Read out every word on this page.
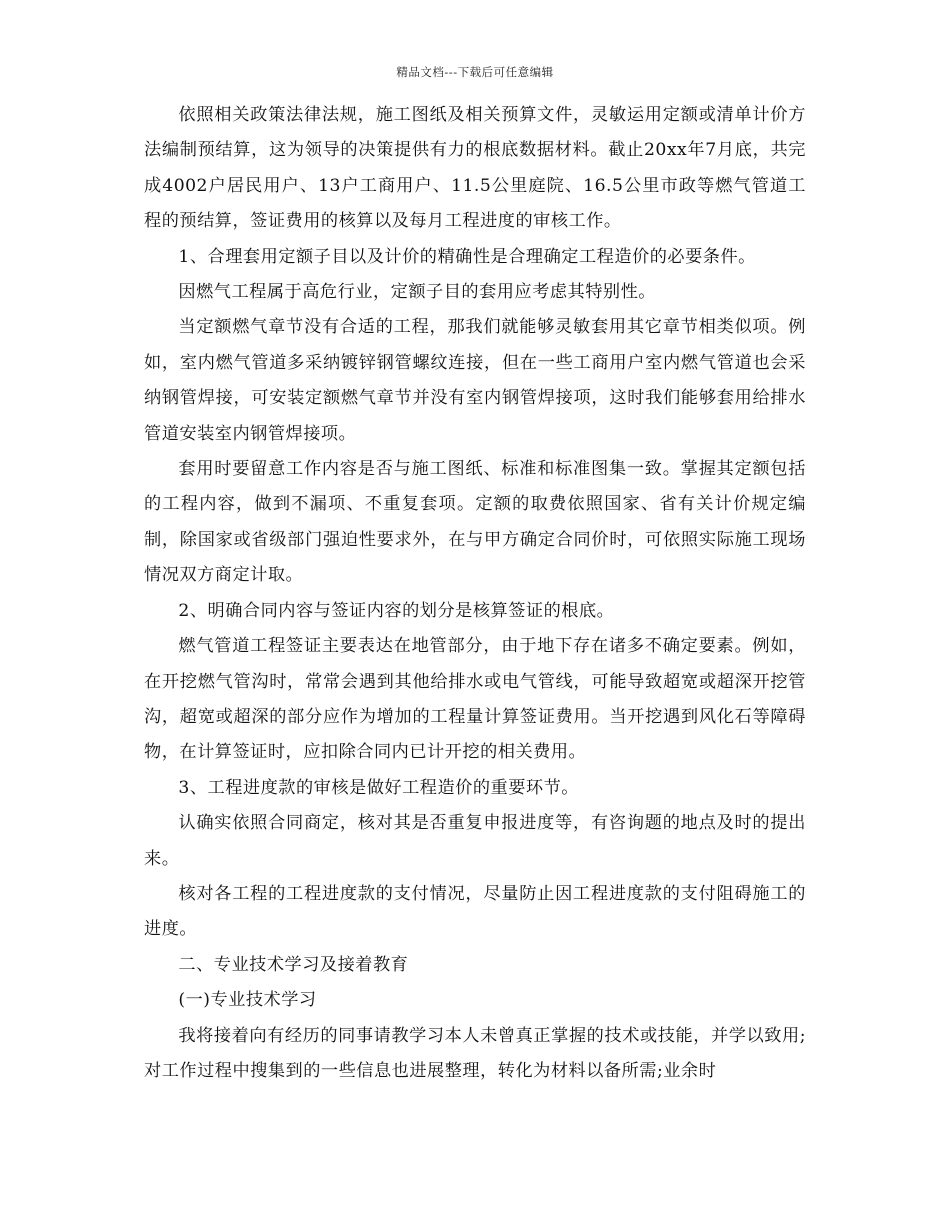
精品文档---下载后可任意编辑

依照相关政策法律法规，施工图纸及相关预算文件，灵敏运用定额或清单计价方法编制预结算，这为领导的决策提供有力的根底数据材料。截止20xx年7月底，共完成4002户居民用户、13户工商用户、11.5公里庭院、16.5公里市政等燃气管道工程的预结算，签证费用的核算以及每月工程进度的审核工作。

1、合理套用定额子目以及计价的精确性是合理确定工程造价的必要条件。

因燃气工程属于高危行业，定额子目的套用应考虑其特别性。

当定额燃气章节没有合适的工程，那我们就能够灵敏套用其它章节相类似项。例如，室内燃气管道多采纳镀锌钢管螺纹连接，但在一些工商用户室内燃气管道也会采纳钢管焊接，可安装定额燃气章节并没有室内钢管焊接项，这时我们能够套用给排水管道安装室内钢管焊接项。

套用时要留意工作内容是否与施工图纸、标准和标准图集一致。掌握其定额包括的工程内容，做到不漏项、不重复套项。定额的取费依照国家、省有关计价规定编制，除国家或省级部门强迫性要求外，在与甲方确定合同价时，可依照实际施工现场情况双方商定计取。

2、明确合同内容与签证内容的划分是核算签证的根底。

燃气管道工程签证主要表达在地管部分，由于地下存在诸多不确定要素。例如，在开挖燃气管沟时，常常会遇到其他给排水或电气管线，可能导致超宽或超深开挖管沟，超宽或超深的部分应作为增加的工程量计算签证费用。当开挖遇到风化石等障碍物，在计算签证时，应扣除合同内已计开挖的相关费用。

3、工程进度款的审核是做好工程造价的重要环节。

认确实依照合同商定，核对其是否重复申报进度等，有咨询题的地点及时的提出来。

核对各工程的工程进度款的支付情况，尽量防止因工程进度款的支付阻碍施工的进度。

二、专业技术学习及接着教育

(一)专业技术学习

我将接着向有经历的同事请教学习本人未曾真正掌握的技术或技能，并学以致用;对工作过程中搜集到的一些信息也进展整理，转化为材料以备所需;业余时
